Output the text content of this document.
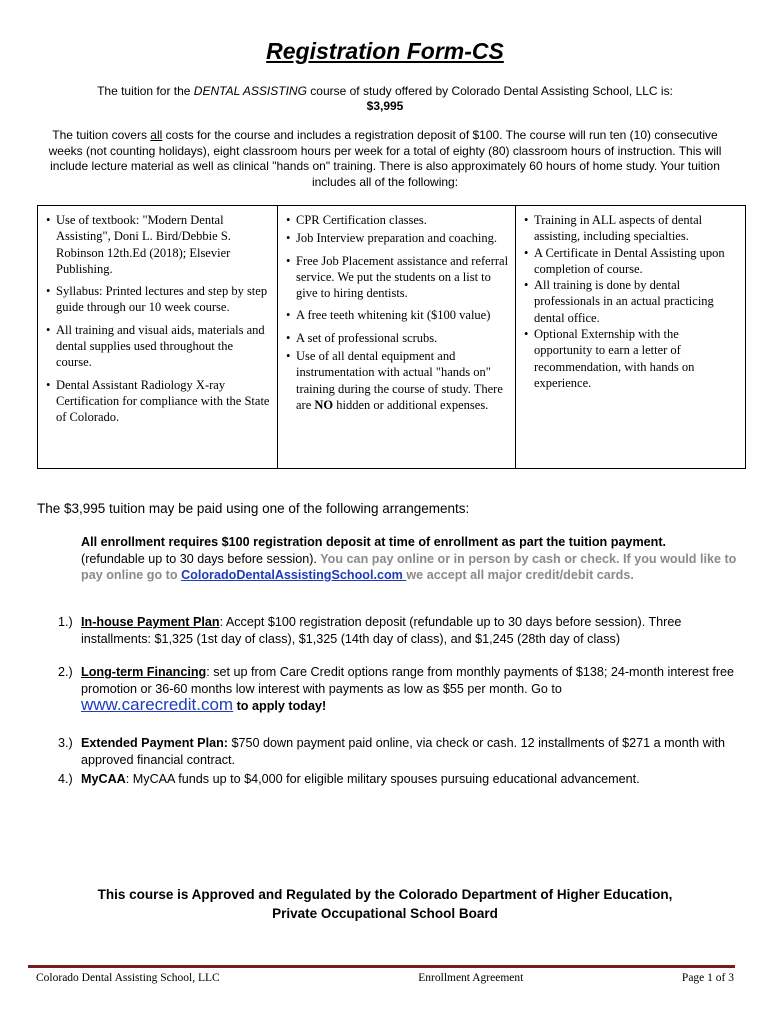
Registration Form-CS
The tuition for the DENTAL ASSISTING course of study offered by Colorado Dental Assisting School, LLC is:
$3,995
The tuition covers all costs for the course and includes a registration deposit of $100. The course will run ten (10) consecutive weeks (not counting holidays), eight classroom hours per week for a total of eighty (80) classroom hours of instruction. This will include lecture material as well as clinical "hands on" training. There is also approximately 60 hours of home study. Your tuition includes all of the following:
• Use of textbook: "Modern Dental Assisting", Doni L. Bird/Debbie S. Robinson 12th.Ed (2018); Elsevier Publishing.
• Syllabus: Printed lectures and step by step guide through our 10 week course.
• All training and visual aids, materials and dental supplies used throughout the course.
• Dental Assistant Radiology X-ray Certification for compliance with the State of Colorado.
• CPR Certification classes.
• Job Interview preparation and coaching.
• Free Job Placement assistance and referral service. We put the students on a list to give to hiring dentists.
• A free teeth whitening kit ($100 value)
• A set of professional scrubs.
• Use of all dental equipment and instrumentation with actual "hands on" training during the course of study. There are NO hidden or additional expenses.
• Training in ALL aspects of dental assisting, including specialties.
• A Certificate in Dental Assisting upon completion of course.
• All training is done by dental professionals in an actual practicing dental office.
• Optional Externship with the opportunity to earn a letter of recommendation, with hands on experience.
The $3,995 tuition may be paid using one of the following arrangements:
All enrollment requires $100 registration deposit at time of enrollment as part the tuition payment.
(refundable up to 30 days before session). You can pay online or in person by cash or check. If you would like to pay online go to ColoradoDentalAssistingSchool.com we accept all major credit/debit cards.
1.) In-house Payment Plan: Accept $100 registration deposit (refundable up to 30 days before session). Three installments: $1,325 (1st day of class), $1,325 (14th day of class), and $1,245 (28th day of class)
2.) Long-term Financing: set up from Care Credit options range from monthly payments of $138; 24-month interest free promotion or 36-60 months low interest with payments as low as $55 per month. Go to
www.carecredit.com to apply today!
3.) Extended Payment Plan: $750 down payment paid online, via check or cash. 12 installments of $271 a month with approved financial contract.
4.) MyCAA: MyCAA funds up to $4,000 for eligible military spouses pursuing educational advancement.
This course is Approved and Regulated by the Colorado Department of Higher Education,
Private Occupational School Board
Colorado Dental Assisting School, LLC	Enrollment Agreement	Page 1 of 3
